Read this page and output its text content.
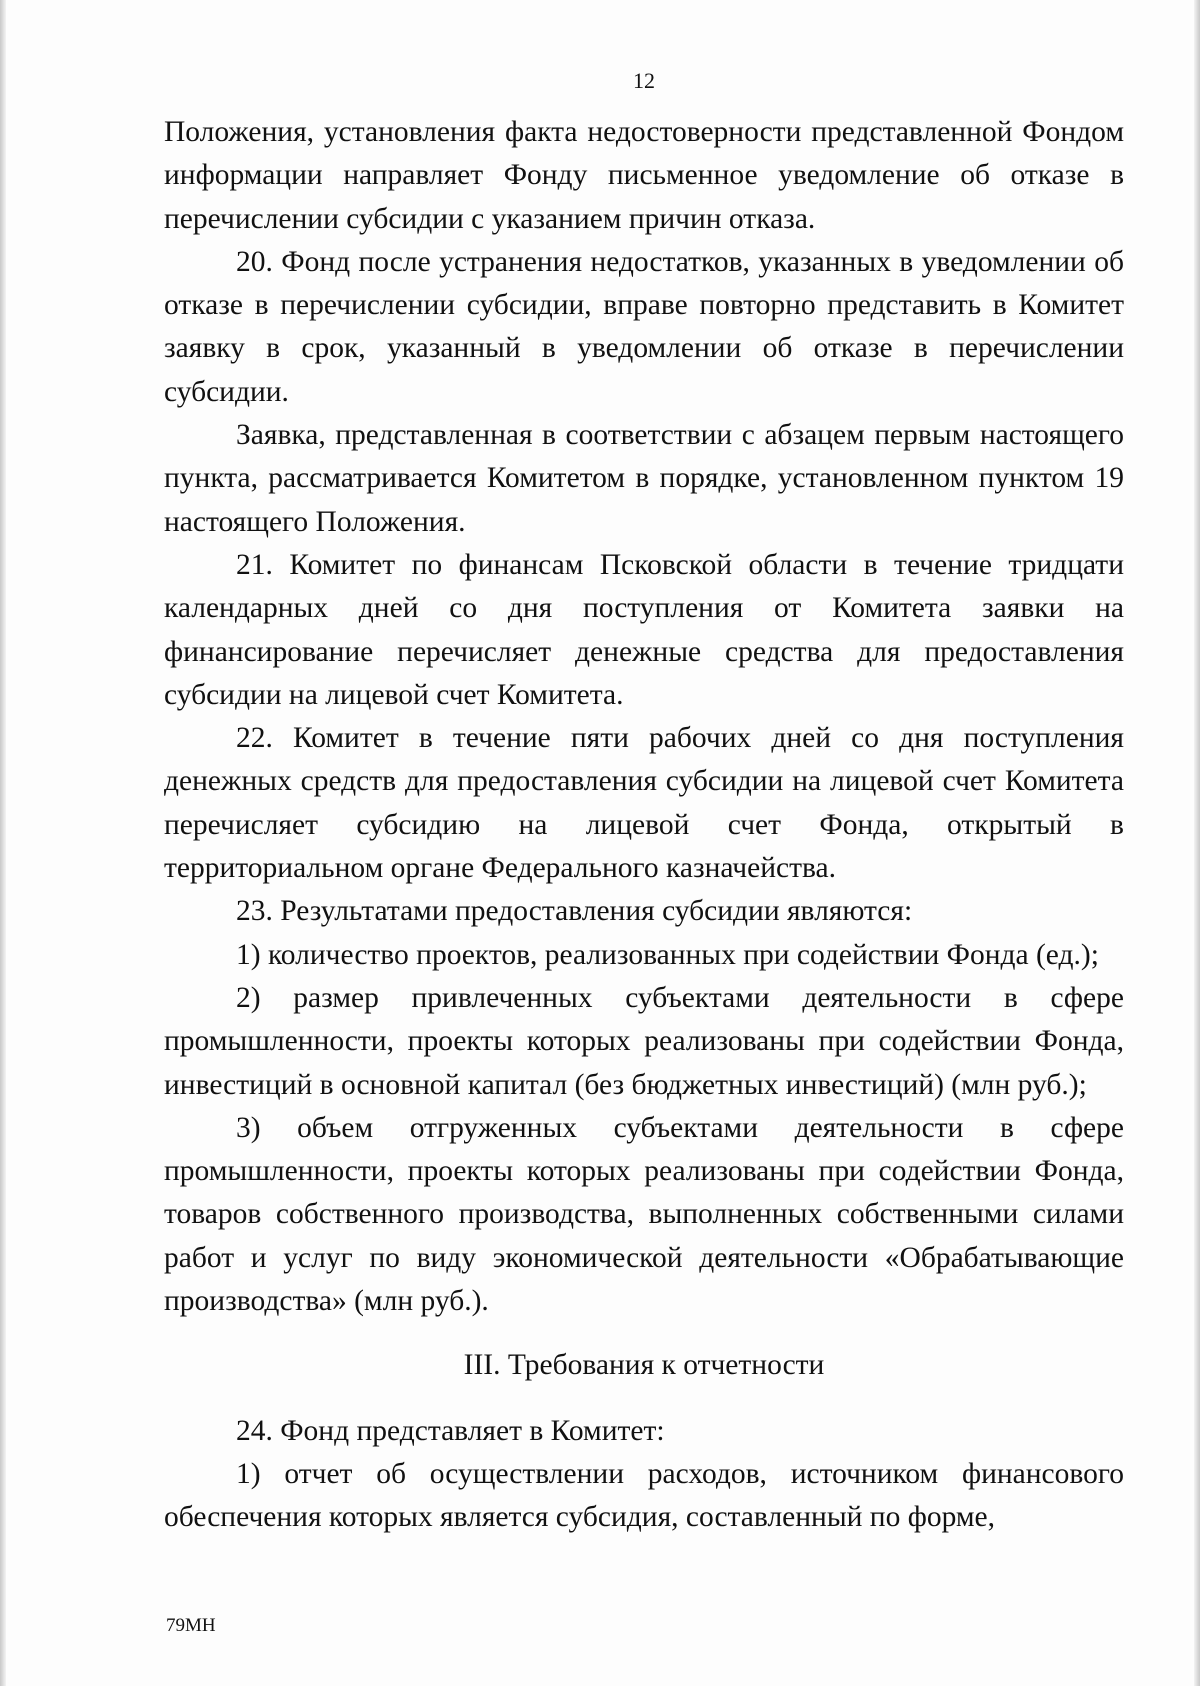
12

Положения, установления факта недостоверности представленной Фондом информации направляет Фонду письменное уведомление об отказе в перечислении субсидии с указанием причин отказа.

20. Фонд после устранения недостатков, указанных в уведомлении об отказе в перечислении субсидии, вправе повторно представить в Комитет заявку в срок, указанный в уведомлении об отказе в перечислении субсидии.

Заявка, представленная в соответствии с абзацем первым настоящего пункта, рассматривается Комитетом в порядке, установленном пунктом 19 настоящего Положения.

21. Комитет по финансам Псковской области в течение тридцати календарных дней со дня поступления от Комитета заявки на финансирование перечисляет денежные средства для предоставления субсидии на лицевой счет Комитета.

22. Комитет в течение пяти рабочих дней со дня поступления денежных средств для предоставления субсидии на лицевой счет Комитета перечисляет субсидию на лицевой счет Фонда, открытый в территориальном органе Федерального казначейства.

23. Результатами предоставления субсидии являются:

1) количество проектов, реализованных при содействии Фонда (ед.);

2) размер привлеченных субъектами деятельности в сфере промышленности, проекты которых реализованы при содействии Фонда, инвестиций в основной капитал (без бюджетных инвестиций) (млн руб.);

3) объем отгруженных субъектами деятельности в сфере промышленности, проекты которых реализованы при содействии Фонда, товаров собственного производства, выполненных собственными силами работ и услуг по виду экономической деятельности «Обрабатывающие производства» (млн руб.).

III. Требования к отчетности

24. Фонд представляет в Комитет:

1) отчет об осуществлении расходов, источником финансового обеспечения которых является субсидия, составленный по форме,

79МН
